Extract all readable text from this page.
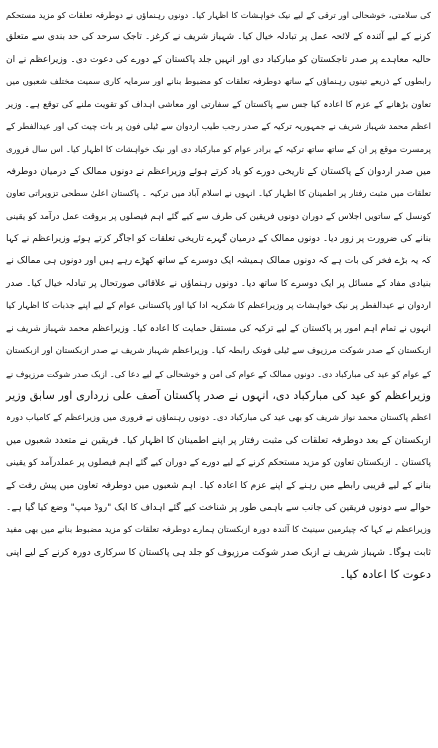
کی سلامتی، خوشحالی اور ترقی کے لیے نیک خواہشات کا اظہار کیا۔ دونوں رہنماؤں نے دوطرفہ تعلقات کو مزید مستحکم
کرنے کے لیے آئندہ کے لائحہ عمل پر تبادلہ خیال کیا۔ شہباز شریف نے کرغز۔ تاجک سرحد کی حد بندی سے متعلق
حالیہ معاہدے پر صدر تاجکستان کو مبارکباد دی اور انہیں جلد پاکستان کے دورے کی دعوت دی۔ وزیراعظم نے ان
رابطوں کے ذریعے تینوں رہنماؤں کے ساتھ دوطرفہ تعلقات کو مضبوط بنانے اور سرمایہ کاری سمیت مختلف شعبوں میں
تعاون بڑھانے کے عزم کا اعادہ کیا جس سے پاکستان کے سفارتی اور معاشی اہداف کو تقویت ملنے کی توقع ہے۔ وزیر
اعظم محمد شہباز شریف نے جمہوریہ ترکیہ کے صدر رجب طیب اردوان سے ٹیلی فون پر بات چیت کی اور عیدالفطر کے
پرمسرت موقع پر ان کے ساتھ ساتھ ترکیہ کے برادر عوام کو مبارکباد دی اور نیک خواہشات کا اظہار کیا۔ اس سال فروری
میں صدر اردوان کے پاکستان کے تاریخی دورے کو یاد کرتے ہوئے وزیراعظم نے دونوں ممالک کے درمیان دوطرفہ
تعلقات میں مثبت رفتار پر اطمینان کا اظہار کیا۔ انہوں نے اسلام آباد میں ترکیہ ۔ پاکستان اعلیٰ سطحی تزویراتی تعاون
کونسل کے ساتویں اجلاس کے دوران دونوں فریقین کی طرف سے کیے گئے اہم فیصلوں پر بروقت عمل درآمد کو یقینی
بنانے کی ضرورت پر زور دیا۔ دونوں ممالک کے درمیان گہرے تاریخی تعلقات کو اجاگر کرتے ہوئے وزیراعظم نے کہا
کہ یہ بڑے فخر کی بات ہے کہ دونوں ممالک ہمیشہ ایک دوسرے کے ساتھ کھڑے رہے ہیں اور دونوں ہی ممالک نے
بنیادی مفاد کے مسائل پر ایک دوسرے کا ساتھ دیا۔ دونوں رہنماؤں نے علاقائی صورتحال پر تبادلہ خیال کیا۔ صدر
اردوان نے عیدالفطر پر نیک خواہشات پر وزیراعظم کا شکریہ ادا کیا اور پاکستانی عوام کے لیے اپنے جذبات کا اظہار کیا
انہوں نے تمام اہم امور پر پاکستان کے لیے ترکیہ کی مستقل حمایت کا اعادہ کیا۔ وزیراعظم محمد شہباز شریف نے
ازبکستان کے صدر شوکت مرزیوف سے ٹیلی فونک رابطہ کیا۔ وزیراعظم شہباز شریف نے صدر ازبکستان اور ازبکستان
کے عوام کو عید کی مبارکباد دی۔ دونوں ممالک کے عوام کی امن و خوشحالی کے لیے دعا کی۔ ازبک صدر شوکت مرزیوف نے
وزیراعظم کو عید کی مبارکباد دی، انہوں نے صدر پاکستان آصف علی زرداری اور سابق وزیر
اعظم پاکستان محمد نواز شریف کو بھی عید کی مبارکباد دی۔ دونوں رہنماؤں نے فروری میں وزیراعظم کے کامیاب دورہ
ازبکستان کے بعد دوطرفہ تعلقات کی مثبت رفتار پر اپنے اطمینان کا اظہار کیا۔ فریقین نے متعدد شعبوں میں
پاکستان ۔ ازبکستان تعاون کو مزید مستحکم کرنے کے لیے دورے کے دوران کیے گئے اہم فیصلوں پر عملدرآمد کو یقینی
بنانے کے لیے قریبی رابطے میں رہنے کے اپنے عزم کا اعادہ کیا۔ اہم شعبوں میں دوطرفہ تعاون میں پیش رفت کے
حوالے سے دونوں فریقین کی جانب سے باہمی طور پر شناخت کیے گئے اہداف کا ایک "روڈ میپ" وضع کیا گیا ہے۔
وزیراعظم نے کہا کہ چیئرمین سینیٹ کا آئندہ دورہ ازبکستان ہمارے دوطرفہ تعلقات کو مزید مضبوط بنانے میں بھی مفید
ثابت ہوگا۔ شہباز شریف نے ازبک صدر شوکت مرزیوف کو جلد ہی پاکستان کا سرکاری دورہ کرنے کے لیے اپنی
دعوت کا اعادہ کیا۔
